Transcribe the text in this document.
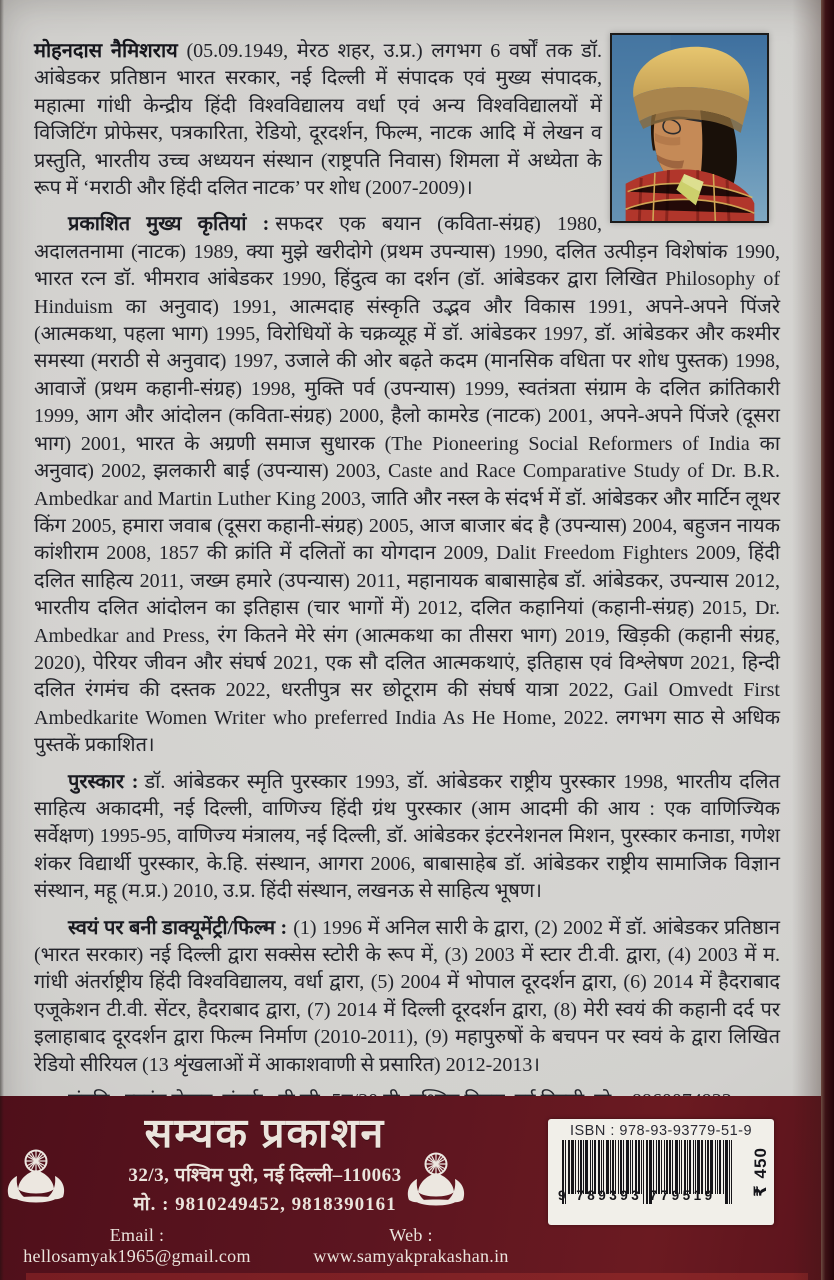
मोहनदास नैमिशराय (05.09.1949, मेरठ शहर, उ.प्र.) लगभग 6 वर्षों तक डॉ. आंबेडकर प्रतिष्ठान भारत सरकार, नई दिल्ली में संपादक एवं मुख्य संपादक, महात्मा गांधी केन्द्रीय हिंदी विश्वविद्यालय वर्धा एवं अन्य विश्वविद्यालयों में विजिटिंग प्रोफेसर, पत्रकारिता, रेडियो, दूरदर्शन, फिल्म, नाटक आदि में लेखन व प्रस्तुति, भारतीय उच्च अध्ययन संस्थान (राष्ट्रपति निवास) शिमला में अध्येता के रूप में ‘मराठी और हिंदी दलित नाटक’ पर शोध (2007-2009)।

प्रकाशित मुख्य कृतियां : सफदर एक बयान (कविता-संग्रह) 1980, अदालतनामा (नाटक) 1989, क्या मुझे खरीदोगे (प्रथम उपन्यास) 1990, दलित उत्पीड़न विशेषांक 1990, भारत रत्न डॉ. भीमराव आंबेडकर 1990, हिंदुत्व का दर्शन (डॉ. आंबेडकर द्वारा लिखित Philosophy of Hinduism का अनुवाद) 1991, आत्मदाह संस्कृति उद्भव और विकास 1991, अपने-अपने पिंजरे (आत्मकथा, पहला भाग) 1995, विरोधियों के चक्रव्यूह में डॉ. आंबेडकर 1997, डॉ. आंबेडकर और कश्मीर समस्या (मराठी से अनुवाद) 1997, उजाले की ओर बढ़ते कदम (मानसिक वधिता पर शोध पुस्तक) 1998, आवाजें (प्रथम कहानी-संग्रह) 1998, मुक्ति पर्व (उपन्यास) 1999, स्वतंत्रता संग्राम के दलित क्रांतिकारी 1999, आग और आंदोलन (कविता-संग्रह) 2000, हैलो कामरेड (नाटक) 2001, अपने-अपने पिंजरे (दूसरा भाग) 2001, भारत के अग्रणी समाज सुधारक (The Pioneering Social Reformers of India का अनुवाद) 2002, झलकारी बाई (उपन्यास) 2003, Caste and Race Comparative Study of Dr. B.R. Ambedkar and Martin Luther King 2003, जाति और नस्ल के संदर्भ में डॉ. आंबेडकर और मार्टिन लूथर किंग 2005, हमारा जवाब (दूसरा कहानी-संग्रह) 2005, आज बाजार बंद है (उपन्यास) 2004, बहुजन नायक कांशीराम 2008, 1857 की क्रांति में दलितों का योगदान 2009, Dalit Freedom Fighters 2009, हिंदी दलित साहित्य 2011, जख्म हमारे (उपन्यास) 2011, महानायक बाबासाहेब डॉ. आंबेडकर, उपन्यास 2012, भारतीय दलित आंदोलन का इतिहास (चार भागों में) 2012, दलित कहानियां (कहानी-संग्रह) 2015, Dr. Ambedkar and Press, रंग कितने मेरे संग (आत्मकथा का तीसरा भाग) 2019, खिड़की (कहानी संग्रह, 2020), पेरियर जीवन और संघर्ष 2021, एक सौ दलित आत्मकथाएं, इतिहास एवं विश्लेषण 2021, हिन्दी दलित रंगमंच की दस्तक 2022, धरतीपुत्र सर छोटूराम की संघर्ष यात्रा 2022, Gail Omvedt First Ambedkarite Women Writer who preferred India As He Home, 2022. लगभग साठ से अधिक पुस्तकें प्रकाशित।

पुरस्कार : डॉ. आंबेडकर स्मृति पुरस्कार 1993, डॉ. आंबेडकर राष्ट्रीय पुरस्कार 1998, भारतीय दलित साहित्य अकादमी, नई दिल्ली, वाणिज्य हिंदी ग्रंथ पुरस्कार (आम आदमी की आय : एक वाणिज्यिक सर्वेक्षण) 1995-95, वाणिज्य मंत्रालय, नई दिल्ली, डॉ. आंबेडकर इंटरनेशनल मिशन, पुरस्कार कनाडा, गणेश शंकर विद्यार्थी पुरस्कार, के.हि. संस्थान, आगरा 2006, बाबासाहेब डॉ. आंबेडकर राष्ट्रीय सामाजिक विज्ञान संस्थान, महू (म.प्र.) 2010, उ.प्र. हिंदी संस्थान, लखनऊ से साहित्य भूषण।

स्वयं पर बनी डाक्यूमेंट्री/फिल्म : (1) 1996 में अनिल सारी के द्वारा, (2) 2002 में डॉ. आंबेडकर प्रतिष्ठान (भारत सरकार) नई दिल्ली द्वारा सक्सेस स्टोरी के रूप में, (3) 2003 में स्टार टी.वी. द्वारा, (4) 2003 में म. गांधी अंतर्राष्ट्रीय हिंदी विश्वविद्यालय, वर्धा द्वारा, (5) 2004 में भोपाल दूरदर्शन द्वारा, (6) 2014 में हैदराबाद एजूकेशन टी.वी. सेंटर, हैदराबाद द्वारा, (7) 2014 में दिल्ली दूरदर्शन द्वारा, (8) मेरी स्वयं की कहानी दर्द पर इलाहाबाद दूरदर्शन द्वारा फिल्म निर्माण (2010-2011), (9) महापुरुषों के बचपन पर स्वयं के द्वारा लिखित रेडियो सीरियल (13 शृंखलाओं में आकाशवाणी से प्रसारित) 2012-2013।

सम्यक प्रकाशन
32/3, पश्चिम पुरी, नई दिल्ली–110063
मो. : 9810249452, 9818390161
Email : hellosamyak1965@gmail.com
Web : www.samyakprakashan.in
ISBN : 978-93-93779-51-9
9 789393 779519	₹ 450
